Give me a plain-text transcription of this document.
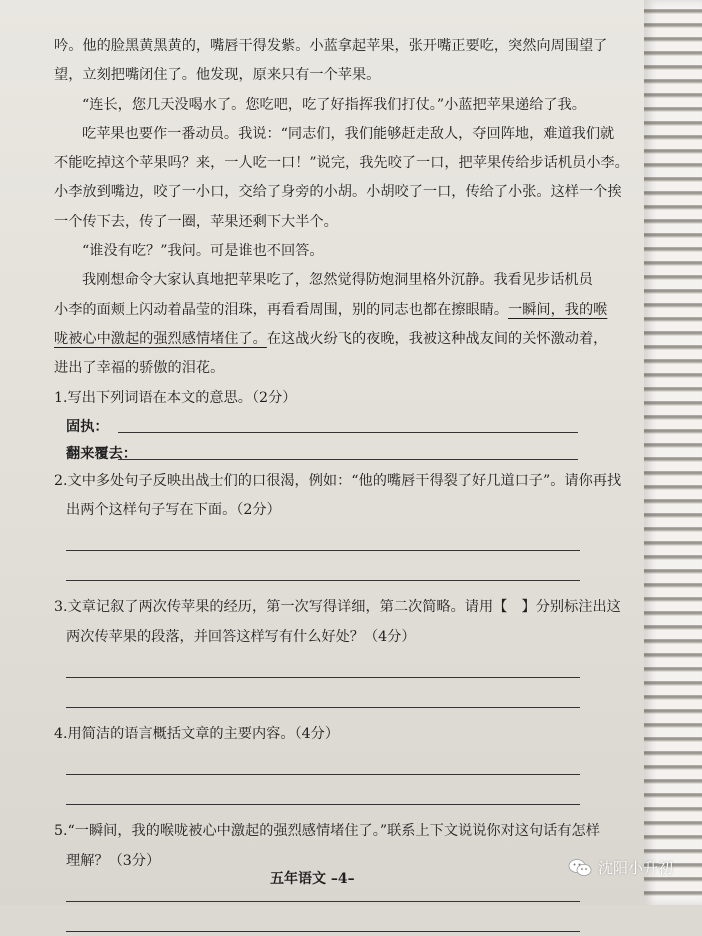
吟。他的脸黑黄黑黄的，嘴唇干得发紫。小蓝拿起苹果，张开嘴正要吃，突然向周围望了

望，立刻把嘴闭住了。他发现，原来只有一个苹果。

“连长，您几天没喝水了。您吃吧，吃了好指挥我们打仗。”小蓝把苹果递给了我。

吃苹果也要作一番动员。我说：“同志们，我们能够赶走敌人，夺回阵地，难道我们就

不能吃掉这个苹果吗？来，一人吃一口！”说完，我先咬了一口，把苹果传给步话机员小李。

小李放到嘴边，咬了一小口，交给了身旁的小胡。小胡咬了一口，传给了小张。这样一个挨

一个传下去，传了一圈，苹果还剩下大半个。

“谁没有吃？”我问。可是谁也不回答。

我刚想命令大家认真地把苹果吃了，忽然觉得防炮洞里格外沉静。我看见步话机员

小李的面颊上闪动着晶莹的泪珠，再看看周围，别的同志也都在擦眼睛。一瞬间，我的喉

咙被心中激起的强烈感情堵住了。在这战火纷飞的夜晚，我被这种战友间的关怀激动着，

进出了幸福的骄傲的泪花。

1.写出下列词语在本文的意思。（2分）

固执：
翻来覆去：

2.文中多处句子反映出战士们的口很渴，例如：“他的嘴唇干得裂了好几道口子”。请你再找

出两个这样句子写在下面。（2分）

3.文章记叙了两次传苹果的经历，第一次写得详细，第二次简略。请用【　】分别标注出这

两次传苹果的段落，并回答这样写有什么好处？（4分）

4.用简洁的语言概括文章的主要内容。（4分）

5.“一瞬间，我的喉咙被心中激起的强烈感情堵住了。”联系上下文说说你对这句话有怎样

理解？（3分）

五年语文 –4–
沈阳小升初
